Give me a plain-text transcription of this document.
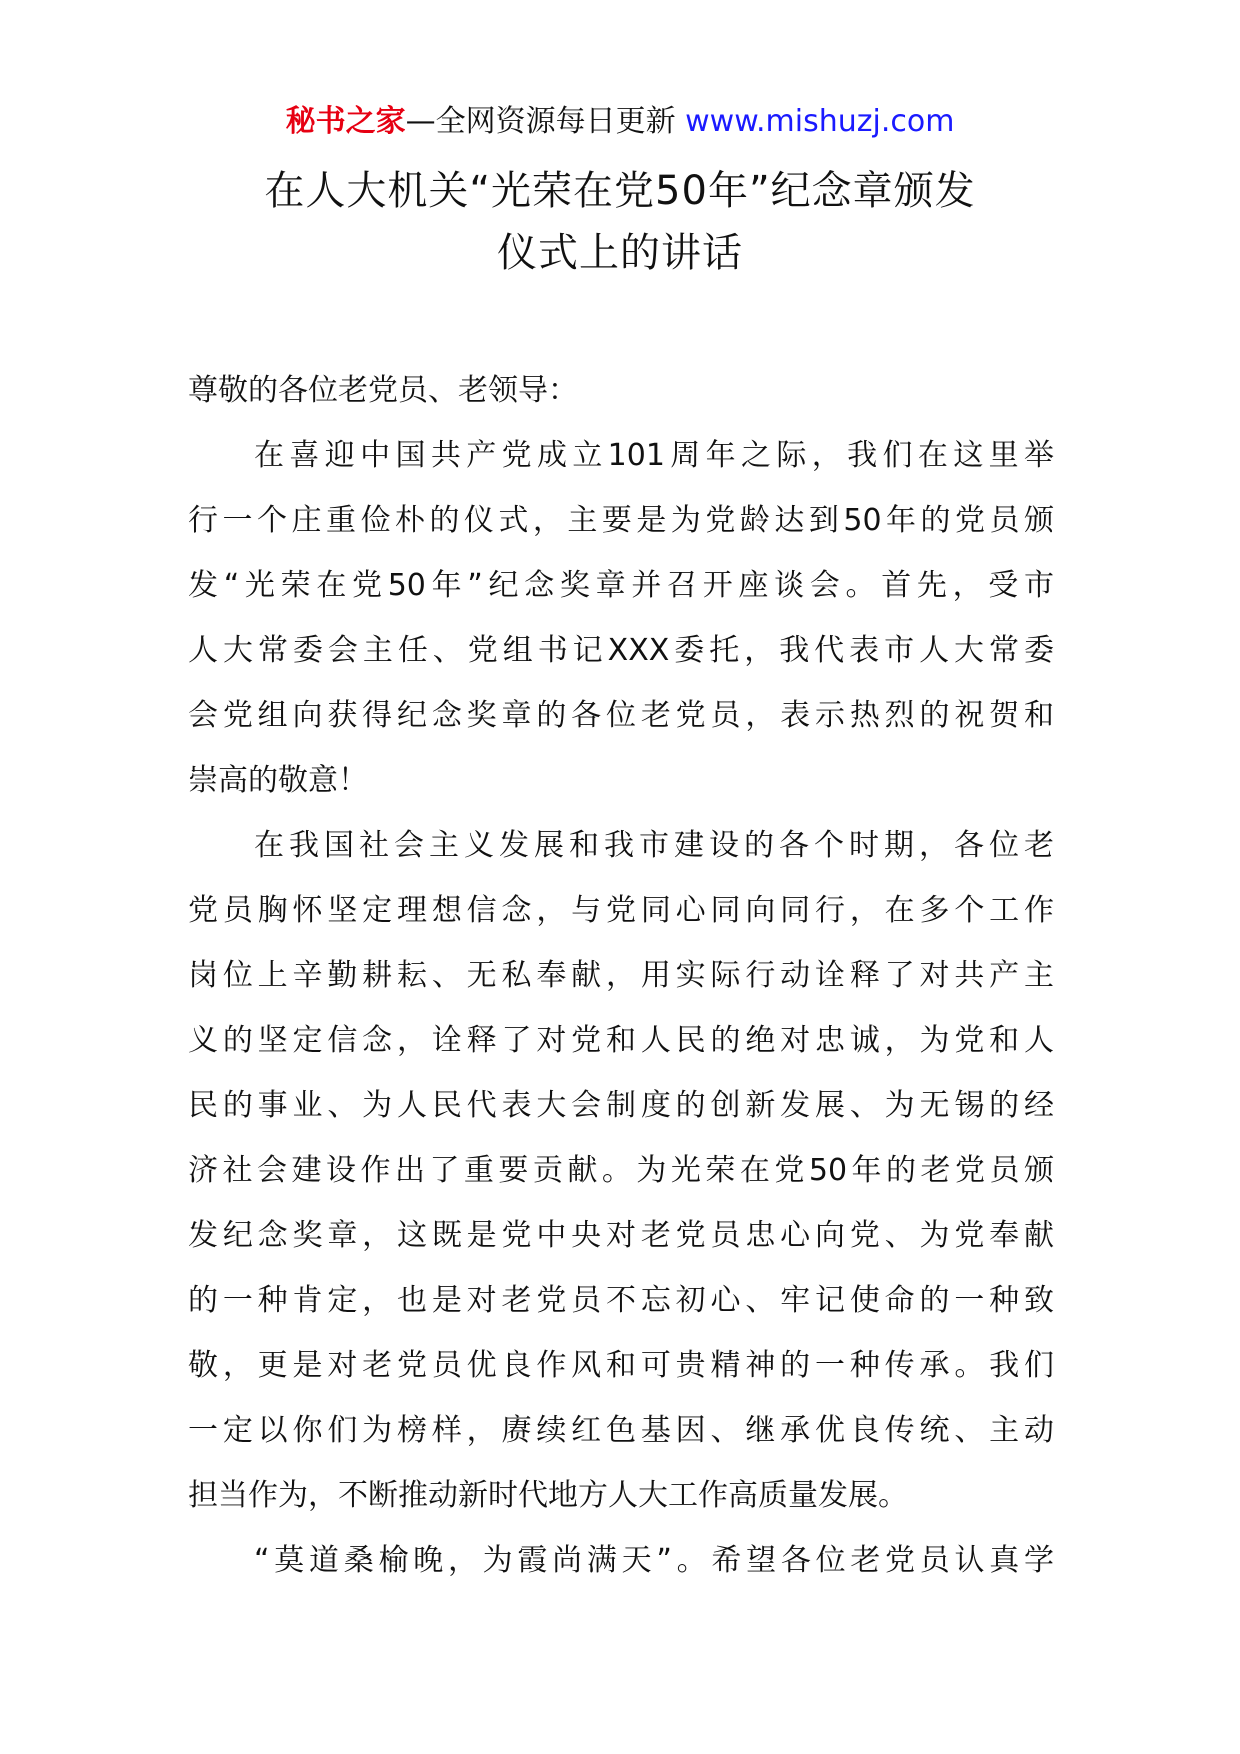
秘书之家—全网资源每日更新 www.mishuzj.com
在人大机关“光荣在党50年”纪念章颁发
仪式上的讲话

尊敬的各位老党员、老领导：

在喜迎中国共产党成立101周年之际，我们在这里举
行一个庄重俭朴的仪式，主要是为党龄达到50年的党员颁
发“光荣在党50年”纪念奖章并召开座谈会。首先，受市
人大常委会主任、党组书记XXX委托，我代表市人大常委
会党组向获得纪念奖章的各位老党员，表示热烈的祝贺和
崇高的敬意！

在我国社会主义发展和我市建设的各个时期，各位老
党员胸怀坚定理想信念，与党同心同向同行，在多个工作
岗位上辛勤耕耘、无私奉献，用实际行动诠释了对共产主
义的坚定信念，诠释了对党和人民的绝对忠诚，为党和人
民的事业、为人民代表大会制度的创新发展、为无锡的经
济社会建设作出了重要贡献。为光荣在党50年的老党员颁
发纪念奖章，这既是党中央对老党员忠心向党、为党奉献
的一种肯定，也是对老党员不忘初心、牢记使命的一种致
敬，更是对老党员优良作风和可贵精神的一种传承。我们
一定以你们为榜样，赓续红色基因、继承优良传统、主动
担当作为，不断推动新时代地方人大工作高质量发展。

“莫道桑榆晚，为霞尚满天”。希望各位老党员认真学
